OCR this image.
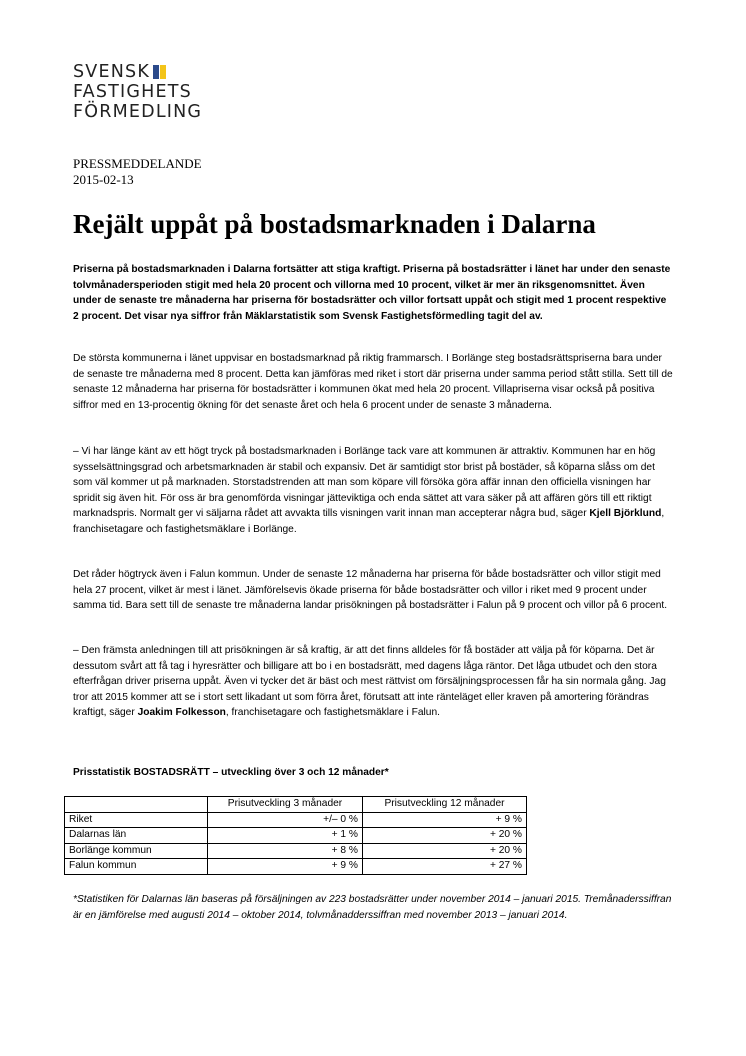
SVENSK
FASTIGHETS
FÖRMEDLING
PRESSMEDDELANDE
2015-02-13
Rejält uppåt på bostadsmarknaden i Dalarna

Priserna på bostadsmarknaden i Dalarna fortsätter att stiga kraftigt. Priserna på bostadsrätter i länet har under den senaste tolvmånadersperioden stigit med hela 20 procent och villorna med 10 procent, vilket är mer än riksgenomsnittet. Även under de senaste tre månaderna har priserna för bostadsrätter och villor fortsatt uppåt och stigit med 1 procent respektive 2 procent. Det visar nya siffror från Mäklarstatistik som Svensk Fastighetsförmedling tagit del av.

De största kommunerna i länet uppvisar en bostadsmarknad på riktig frammarsch. I Borlänge steg bostadsrättspriserna bara under de senaste tre månaderna med 8 procent. Detta kan jämföras med riket i stort där priserna under samma period stått stilla. Sett till de senaste 12 månaderna har priserna för bostadsrätter i kommunen ökat med hela 20 procent. Villapriserna visar också på positiva siffror med en 13-procentig ökning för det senaste året och hela 6 procent under de senaste 3 månaderna.

– Vi har länge känt av ett högt tryck på bostadsmarknaden i Borlänge tack vare att kommunen är attraktiv. Kommunen har en hög sysselsättningsgrad och arbetsmarknaden är stabil och expansiv. Det är samtidigt stor brist på bostäder, så köparna slåss om det som väl kommer ut på marknaden. Storstadstrenden att man som köpare vill försöka göra affär innan den officiella visningen har spridit sig även hit. För oss är bra genomförda visningar jätteviktiga och enda sättet att vara säker på att affären görs till ett riktigt marknadspris. Normalt ger vi säljarna rådet att avvakta tills visningen varit innan man accepterar några bud, säger Kjell Björklund, franchisetagare och fastighetsmäklare i Borlänge.

Det råder högtryck även i Falun kommun. Under de senaste 12 månaderna har priserna för både bostadsrätter och villor stigit med hela 27 procent, vilket är mest i länet. Jämförelsevis ökade priserna för både bostadsrätter och villor i riket med 9 procent under samma tid. Bara sett till de senaste tre månaderna landar prisökningen på bostadsrätter i Falun på 9 procent och villor på 6 procent.

– Den främsta anledningen till att prisökningen är så kraftig, är att det finns alldeles för få bostäder att välja på för köparna. Det är dessutom svårt att få tag i hyresrätter och billigare att bo i en bostadsrätt, med dagens låga räntor. Det låga utbudet och den stora efterfrågan driver priserna uppåt. Även vi tycker det är bäst och mest rättvist om försäljningsprocessen får ha sin normala gång. Jag tror att 2015 kommer att se i stort sett likadant ut som förra året, förutsatt att inte ränteläget eller kraven på amortering förändras kraftigt, säger Joakim Folkesson, franchisetagare och fastighetsmäklare i Falun.

Prisstatistik BOSTADSRÄTT – utveckling över 3 och 12 månader*
	Prisutveckling 3 månader	Prisutveckling 12 månader
Riket	+/– 0 %	+ 9 %
Dalarnas län	+ 1 %	+ 20 %
Borlänge kommun	+ 8 %	+ 20 %
Falun kommun	+ 9 %	+ 27 %

*Statistiken för Dalarnas län baseras på försäljningen av 223 bostadsrätter under november 2014 – januari 2015. Tremånaderssiffran är en jämförelse med augusti 2014 – oktober 2014, tolvmånadderssiffran med november 2013 – januari 2014.
